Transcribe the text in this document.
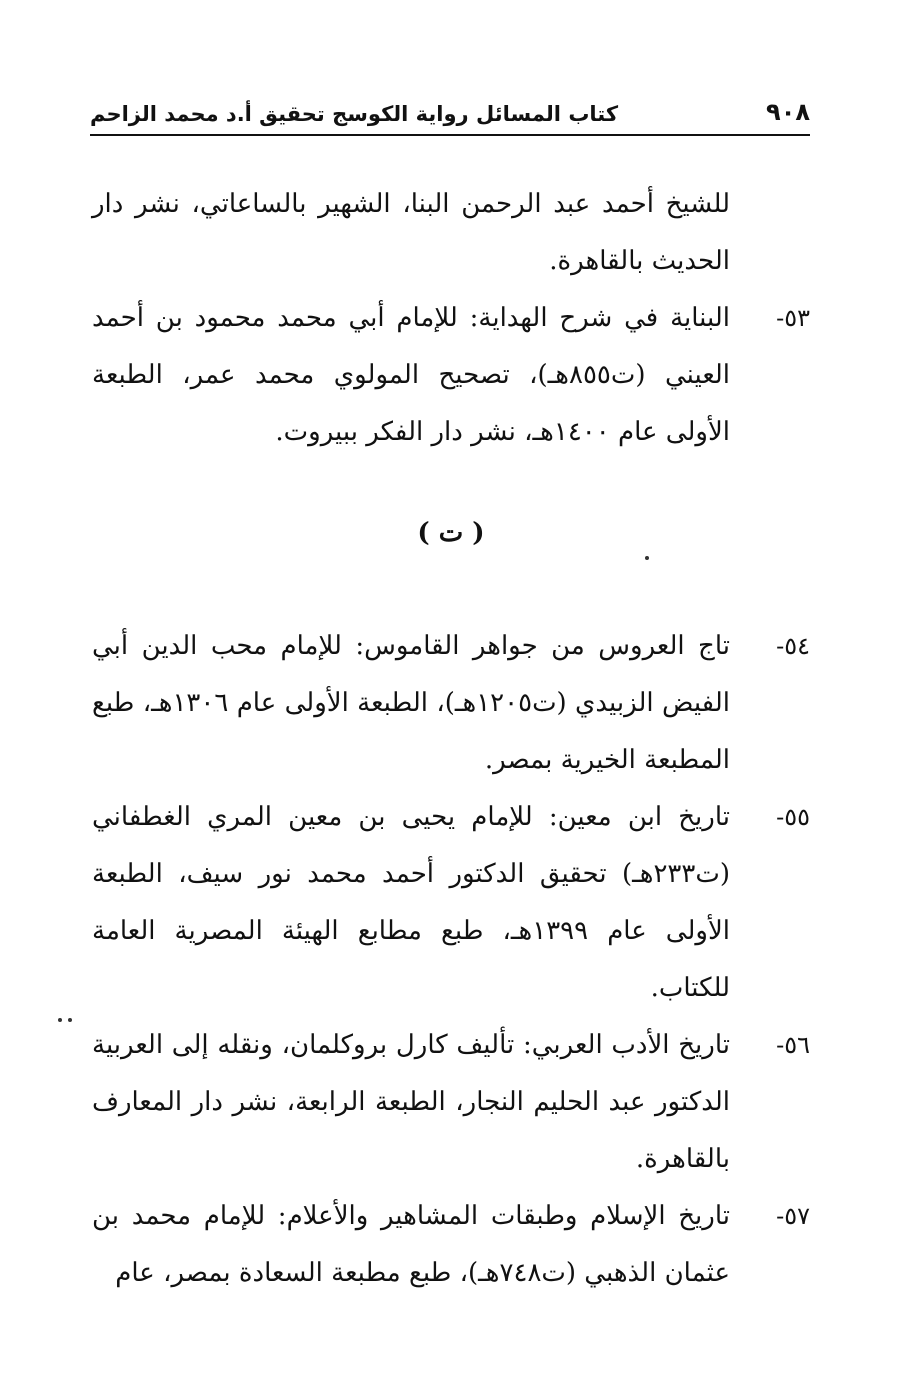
٩٠٨
كتاب المسائل رواية الكوسج تحقيق أ.د محمد الزاحم
للشيخ أحمد عبد الرحمن البنا، الشهير بالساعاتي، نشر دار الحديث بالقاهرة.
٥٣-
البناية في شرح الهداية: للإمام أبي محمد محمود بن أحمد العيني (ت٨٥٥هـ)، تصحيح المولوي محمد عمر، الطبعة الأولى عام ١٤٠٠هـ، نشر دار الفكر ببيروت.
( ت )
٥٤-
تاج العروس من جواهر القاموس: للإمام محب الدين أبي الفيض الزبيدي (ت١٢٠٥هـ)، الطبعة الأولى عام ١٣٠٦هـ، طبع المطبعة الخيرية بمصر.
٥٥-
تاريخ ابن معين: للإمام يحيى بن معين المري الغطفاني (ت٢٣٣هـ) تحقيق الدكتور أحمد محمد نور سيف، الطبعة الأولى عام ١٣٩٩هـ، طبع مطابع الهيئة المصرية العامة للكتاب.
٥٦-
تاريخ الأدب العربي: تأليف كارل بروكلمان، ونقله إلى العربية الدكتور عبد الحليم النجار، الطبعة الرابعة، نشر دار المعارف بالقاهرة.
٥٧-
تاريخ الإسلام وطبقات المشاهير والأعلام: للإمام محمد بن عثمان الذهبي (ت٧٤٨هـ)، طبع مطبعة السعادة بمصر، عام
